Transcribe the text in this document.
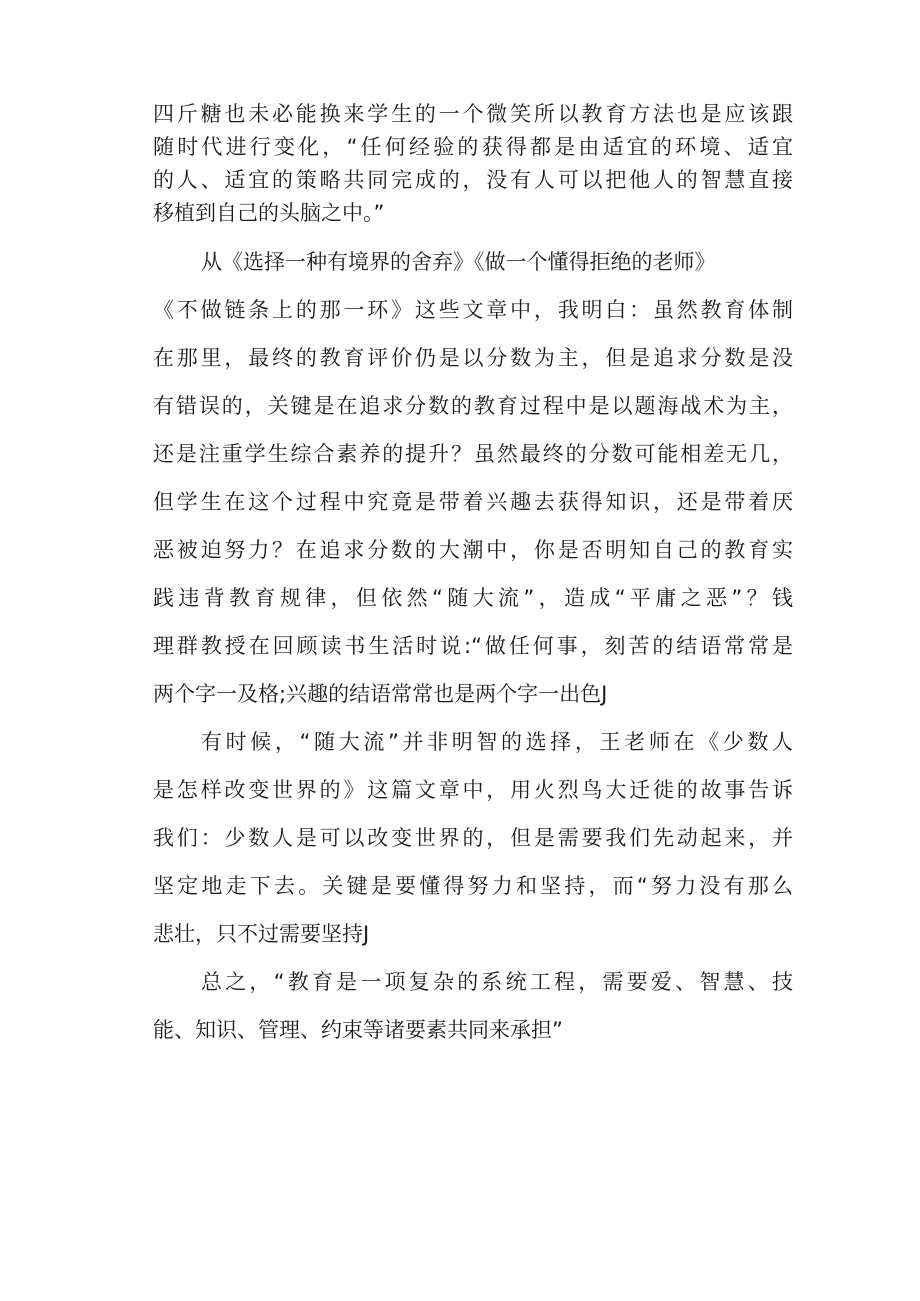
四斤糖也未必能换来学生的一个微笑所以教育方法也是应该跟
随时代进行变化，“任何经验的获得都是由适宜的环境、适宜
的人、适宜的策略共同完成的，没有人可以把他人的智慧直接
移植到自己的头脑之中。”
从《选择一种有境界的舍弃》《做一个懂得拒绝的老师》
《不做链条上的那一环》这些文章中，我明白：虽然教育体制
在那里，最终的教育评价仍是以分数为主，但是追求分数是没
有错误的，关键是在追求分数的教育过程中是以题海战术为主，
还是注重学生综合素养的提升？虽然最终的分数可能相差无几，
但学生在这个过程中究竟是带着兴趣去获得知识，还是带着厌
恶被迫努力？在追求分数的大潮中，你是否明知自己的教育实
践违背教育规律，但依然“随大流”，造成“平庸之恶”？钱
理群教授在回顾读书生活时说:“做任何事，刻苦的结语常常是
两个字一及格;兴趣的结语常常也是两个字一出色J
有时候，“随大流”并非明智的选择，王老师在《少数人
是怎样改变世界的》这篇文章中，用火烈鸟大迁徙的故事告诉
我们：少数人是可以改变世界的，但是需要我们先动起来，并
坚定地走下去。关键是要懂得努力和坚持，而“努力没有那么
悲壮，只不过需要坚持J
总之，“教育是一项复杂的系统工程，需要爱、智慧、技
能、知识、管理、约束等诸要素共同来承担”
